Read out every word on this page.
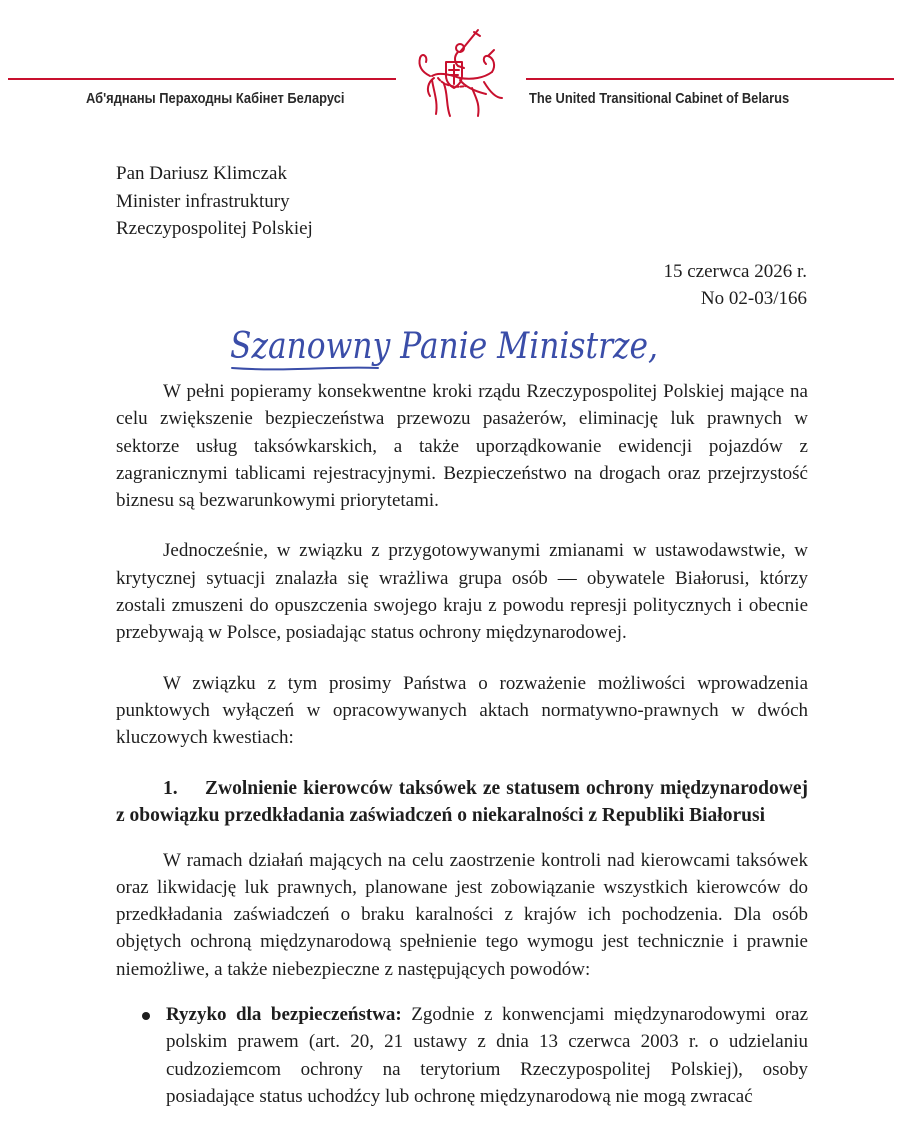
Аб'яднаны Пераходны Кабінет Беларусі	The United Transitional Cabinet of Belarus
Pan Dariusz Klimczak
Minister infrastruktury
Rzeczypospolitej Polskiej
15 czerwca 2026 r.
No 02-03/166
Szanowny Panie Ministrze,

W pełni popieramy konsekwentne kroki rządu Rzeczypospolitej Polskiej mające na celu zwiększenie bezpieczeństwa przewozu pasażerów, eliminację luk prawnych w sektorze usług taksówkarskich, a także uporządkowanie ewidencji pojazdów z zagranicznymi tablicami rejestracyjnymi. Bezpieczeństwo na drogach oraz przejrzystość biznesu są bezwarunkowymi priorytetami.

Jednocześnie, w związku z przygotowywanymi zmianami w ustawodawstwie, w krytycznej sytuacji znalazła się wrażliwa grupa osób — obywatele Białorusi, którzy zostali zmuszeni do opuszczenia swojego kraju z powodu represji politycznych i obecnie przebywają w Polsce, posiadając status ochrony międzynarodowej.

W związku z tym prosimy Państwa o rozważenie możliwości wprowadzenia punktowych wyłączeń w opracowywanych aktach normatywno-prawnych w dwóch kluczowych kwestiach:

1. Zwolnienie kierowców taksówek ze statusem ochrony międzynarodowej z obowiązku przedkładania zaświadczeń o niekaralności z Republiki Białorusi

W ramach działań mających na celu zaostrzenie kontroli nad kierowcami taksówek oraz likwidację luk prawnych, planowane jest zobowiązanie wszystkich kierowców do przedkładania zaświadczeń o braku karalności z krajów ich pochodzenia. Dla osób objętych ochroną międzynarodową spełnienie tego wymogu jest technicznie i prawnie niemożliwe, a także niebezpieczne z następujących powodów:

Ryzyko dla bezpieczeństwa: Zgodnie z konwencjami międzynarodowymi oraz polskim prawem (art. 20, 21 ustawy z dnia 13 czerwca 2003 r. o udzielaniu cudzoziemcom ochrony na terytorium Rzeczypospolitej Polskiej), osoby posiadające status uchodźcy lub ochronę międzynarodową nie mogą zwracać
